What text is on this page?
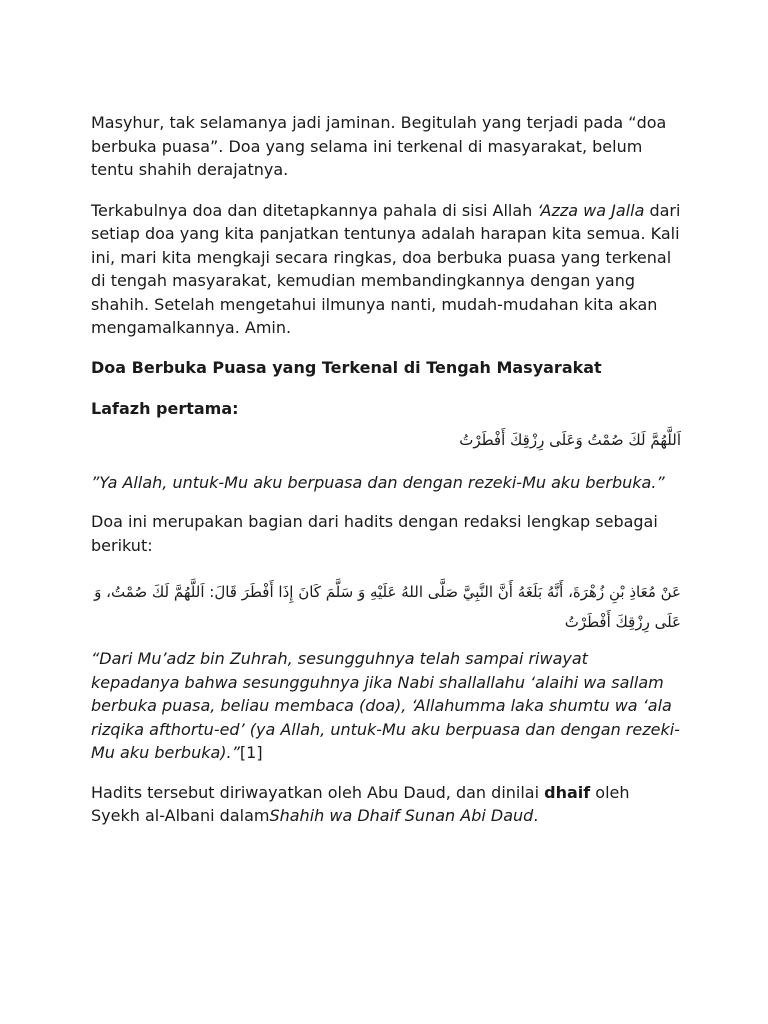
Masyhur, tak selamanya jadi jaminan. Begitulah yang terjadi pada “doa berbuka puasa”. Doa yang selama ini terkenal di masyarakat, belum tentu shahih derajatnya.

Terkabulnya doa dan ditetapkannya pahala di sisi Allah ‘Azza wa Jalla dari setiap doa yang kita panjatkan tentunya adalah harapan kita semua. Kali ini, mari kita mengkaji secara ringkas, doa berbuka puasa yang terkenal di tengah masyarakat, kemudian membandingkannya dengan yang shahih. Setelah mengetahui ilmunya nanti, mudah-mudahan kita akan mengamalkannya. Amin.

Doa Berbuka Puasa yang Terkenal di Tengah Masyarakat

Lafazh pertama:

اَللَّهُمَّ لَكَ صُمْتُ وَعَلَى رِزْقِكَ أَفْطَرْتُ

”Ya Allah, untuk-Mu aku berpuasa dan dengan rezeki-Mu aku berbuka.”

Doa ini merupakan bagian dari hadits dengan redaksi lengkap sebagai berikut:

عَنْ مُعَاذِ بْنِ زُهْرَةَ، أَنَّهُ بَلَغَهُ أَنَّ النَّبِيَّ صَلَّى اللهُ عَلَيْهِ وَ سَلَّمَ كَانَ إِذَا أَفْطَرَ قَالَ: اَللَّهُمَّ لَكَ صُمْتُ، وَ عَلَى رِزْقِكَ أَفْطَرْتُ

“Dari Mu’adz bin Zuhrah, sesungguhnya telah sampai riwayat kepadanya bahwa sesungguhnya jika Nabi shallallahu ‘alaihi wa sallam berbuka puasa, beliau membaca (doa), ‘Allahumma laka shumtu wa ‘ala rizqika afthortu-ed’ (ya Allah, untuk-Mu aku berpuasa dan dengan rezeki-Mu aku berbuka).”[1]

Hadits tersebut diriwayatkan oleh Abu Daud, dan dinilai dhaif oleh Syekh al-Albani dalamShahih wa Dhaif Sunan Abi Daud.
